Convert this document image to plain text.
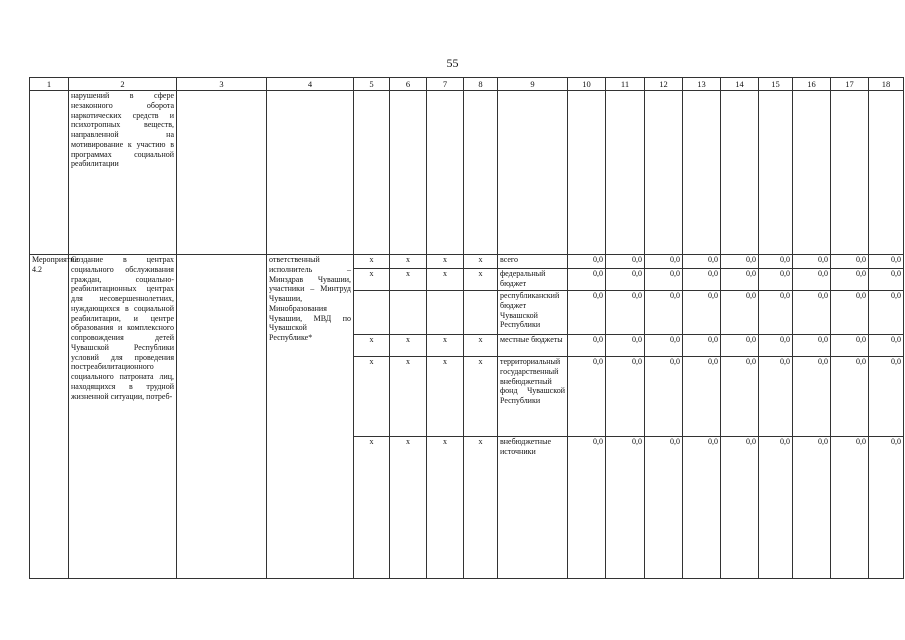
55
1	2	3	4	5	6	7	8	9	10	11	12	13	14	15	16	17	18
	нарушений в сфере незаконного оборота наркотических средств и психотропных веществ, направленной на мотивирование к участию в программах социальной реабилитации																
Мероприятие 4.2	Создание в центрах социального обслуживания граждан, социально-реабилитационных центрах для несовершеннолетних, нуждающихся в социальной реабилитации, и центре образования и комплексного сопровождения детей Чувашской Республики условий для проведения постреабилитационного социального патроната лиц, находящихся в трудной жизненной ситуации, потреб-		ответственный исполнитель – Минздрав Чувашии, участники – Минтруд Чувашии, Минобразования Чувашии, МВД по Чувашской Республике*	х	х	х	х	всего	0,0	0,0	0,0	0,0	0,0	0,0	0,0	0,0	0,0
				х	х	х	х	федеральный бюджет	0,0	0,0	0,0	0,0	0,0	0,0	0,0	0,0	0,0
								республиканский бюджет Чувашской Республики	0,0	0,0	0,0	0,0	0,0	0,0	0,0	0,0	0,0
				х	х	х	х	местные бюджеты	0,0	0,0	0,0	0,0	0,0	0,0	0,0	0,0	0,0
				х	х	х	х	территориальный государственный внебюджетный фонд Чувашской Республики	0,0	0,0	0,0	0,0	0,0	0,0	0,0	0,0	0,0
				х	х	х	х	внебюджетные источники	0,0	0,0	0,0	0,0	0,0	0,0	0,0	0,0	0,0
